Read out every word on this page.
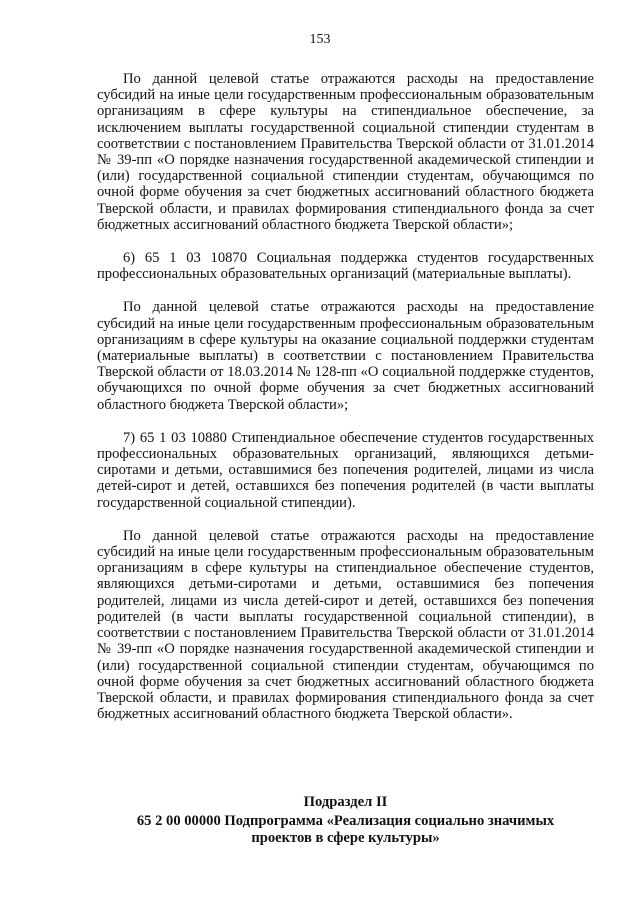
153

По данной целевой статье отражаются расходы на предоставление субсидий на иные цели государственным профессиональным образовательным организациям в сфере культуры на стипендиальное обеспечение, за исключением выплаты государственной социальной стипендии студентам в соответствии с постановлением Правительства Тверской области от 31.01.2014 № 39-пп «О порядке назначения государственной академической стипендии и (или) государственной социальной стипендии студентам, обучающимся по очной форме обучения за счет бюджетных ассигнований областного бюджета Тверской области, и правилах формирования стипендиального фонда за счет бюджетных ассигнований областного бюджета Тверской области»;

6) 65 1 03 10870 Социальная поддержка студентов государственных профессиональных образовательных организаций (материальные выплаты).

По данной целевой статье отражаются расходы на предоставление субсидий на иные цели государственным профессиональным образовательным организациям в сфере культуры на оказание социальной поддержки студентам (материальные выплаты) в соответствии с постановлением Правительства Тверской области от 18.03.2014 № 128-пп «О социальной поддержке студентов, обучающихся по очной форме обучения за счет бюджетных ассигнований областного бюджета Тверской области»;

7) 65 1 03 10880 Стипендиальное обеспечение студентов государственных профессиональных образовательных организаций, являющихся детьми-сиротами и детьми, оставшимися без попечения родителей, лицами из числа детей-сирот и детей, оставшихся без попечения родителей (в части выплаты государственной социальной стипендии).

По данной целевой статье отражаются расходы на предоставление субсидий на иные цели государственным профессиональным образовательным организациям в сфере культуры на стипендиальное обеспечение студентов, являющихся детьми-сиротами и детьми, оставшимися без попечения родителей, лицами из числа детей-сирот и детей, оставшихся без попечения родителей (в части выплаты государственной социальной стипендии), в соответствии с постановлением Правительства Тверской области от 31.01.2014 № 39-пп «О порядке назначения государственной академической стипендии и (или) государственной социальной стипендии студентам, обучающимся по очной форме обучения за счет бюджетных ассигнований областного бюджета Тверской области, и правилах формирования стипендиального фонда за счет бюджетных ассигнований областного бюджета Тверской области».

Подраздел II
65 2 00 00000 Подпрограмма «Реализация социально значимых
проектов в сфере культуры»
